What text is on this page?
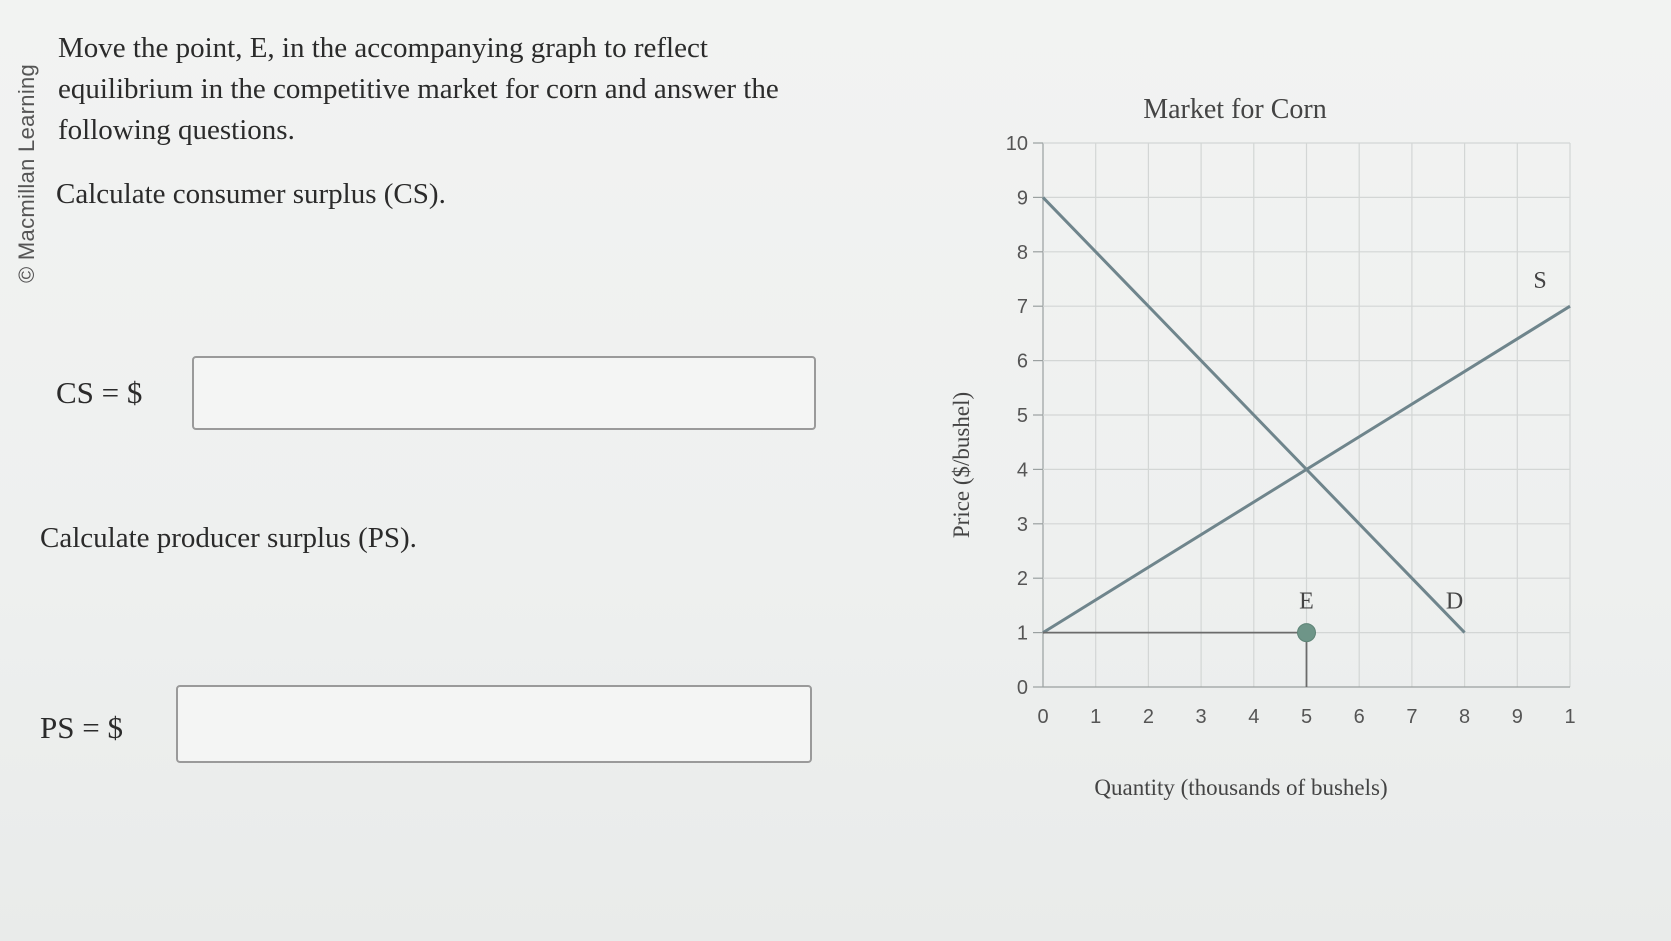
© Macmillan Learning
Move the point, E, in the accompanying graph to reflect equilibrium in the competitive market for corn and answer the following questions.
Calculate consumer surplus (CS).
CS = $
Calculate producer surplus (PS).
PS = $
Market for Corn
0 1 2 3 4 5 6 7 8 9 1
0
1
2
3
4
5
6
7
8
9
10
Price ($/bushel)
Quantity (thousands of bushels)
D
S
E
